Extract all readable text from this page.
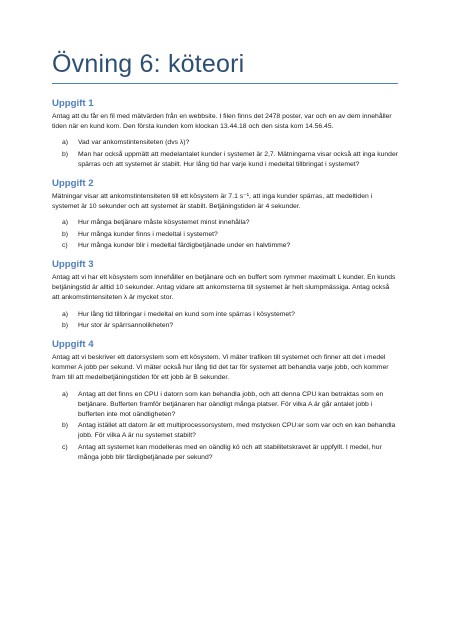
Övning 6: köteori
Uppgift 1

Antag att du får en fil med mätvärden från en webbsite. I filen finns det 2478 poster, var och en av dem innehåller tiden när en kund kom. Den första kunden kom klockan 13.44.18 och den sista kom 14.56.45.

a) Vad var ankomstintensiteten (dvs λ)?
b) Man har också uppmätt att medelantalet kunder i systemet är 2,7. Mätningarna visar också att inga kunder spärras och att systemet är stabilt. Hur lång tid har varje kund i medeltal tillbringat i systemet?
Uppgift 2

Mätningar visar att ankomstintensiteten till ett kösystem är 7.1 s⁻¹, att inga kunder spärras, att medeltiden i systemet är 10 sekunder och att systemet är stabilt. Betjäningstiden är 4 sekunder.

a) Hur många betjänare måste kösystemet minst innehålla?
b) Hur många kunder finns i medeltal i systemet?
c) Hur många kunder blir i medeltal färdigbetjänade under en halvtimme?
Uppgift 3

Antag att vi har ett kösystem som innehåller en betjänare och en buffert som rymmer maximalt L kunder. En kunds betjäningstid är alltid 10 sekunder. Antag vidare att ankomsterna till systemet är helt slumpmässiga. Antag också att ankomstintensiteten λ är mycket stor.

a) Hur lång tid tillbringar i medeltal en kund som inte spärras i kösystemet?
b) Hur stor är spärrsannolikheten?
Uppgift 4

Antag att vi beskriver ett datorsystem som ett kösystem. Vi mäter trafiken till systemet och finner att det i medel kommer A jobb per sekund. Vi mäter också hur lång tid det tar för systemet att behandla varje jobb, och kommer fram till att medelbetjäningstiden för ett jobb är B sekunder.

a) Antag att det finns en CPU i datorn som kan behandla jobb, och att denna CPU kan betraktas som en betjänare. Bufferten framför betjänaren har oändligt många platser. För vilka A är går antalet jobb i bufferten inte mot oändligheten?
b) Antag istället att datorn är ett multiprocessorsystem, med mstycken CPU:er som var och en kan behandla jobb. För vilka A är nu systemet stabilt?
c) Antag att systemet kan modelleras med en oändlig kö och att stabilitetskravet är uppfyllt. I medel, hur många jobb blir färdigbetjänade per sekund?
